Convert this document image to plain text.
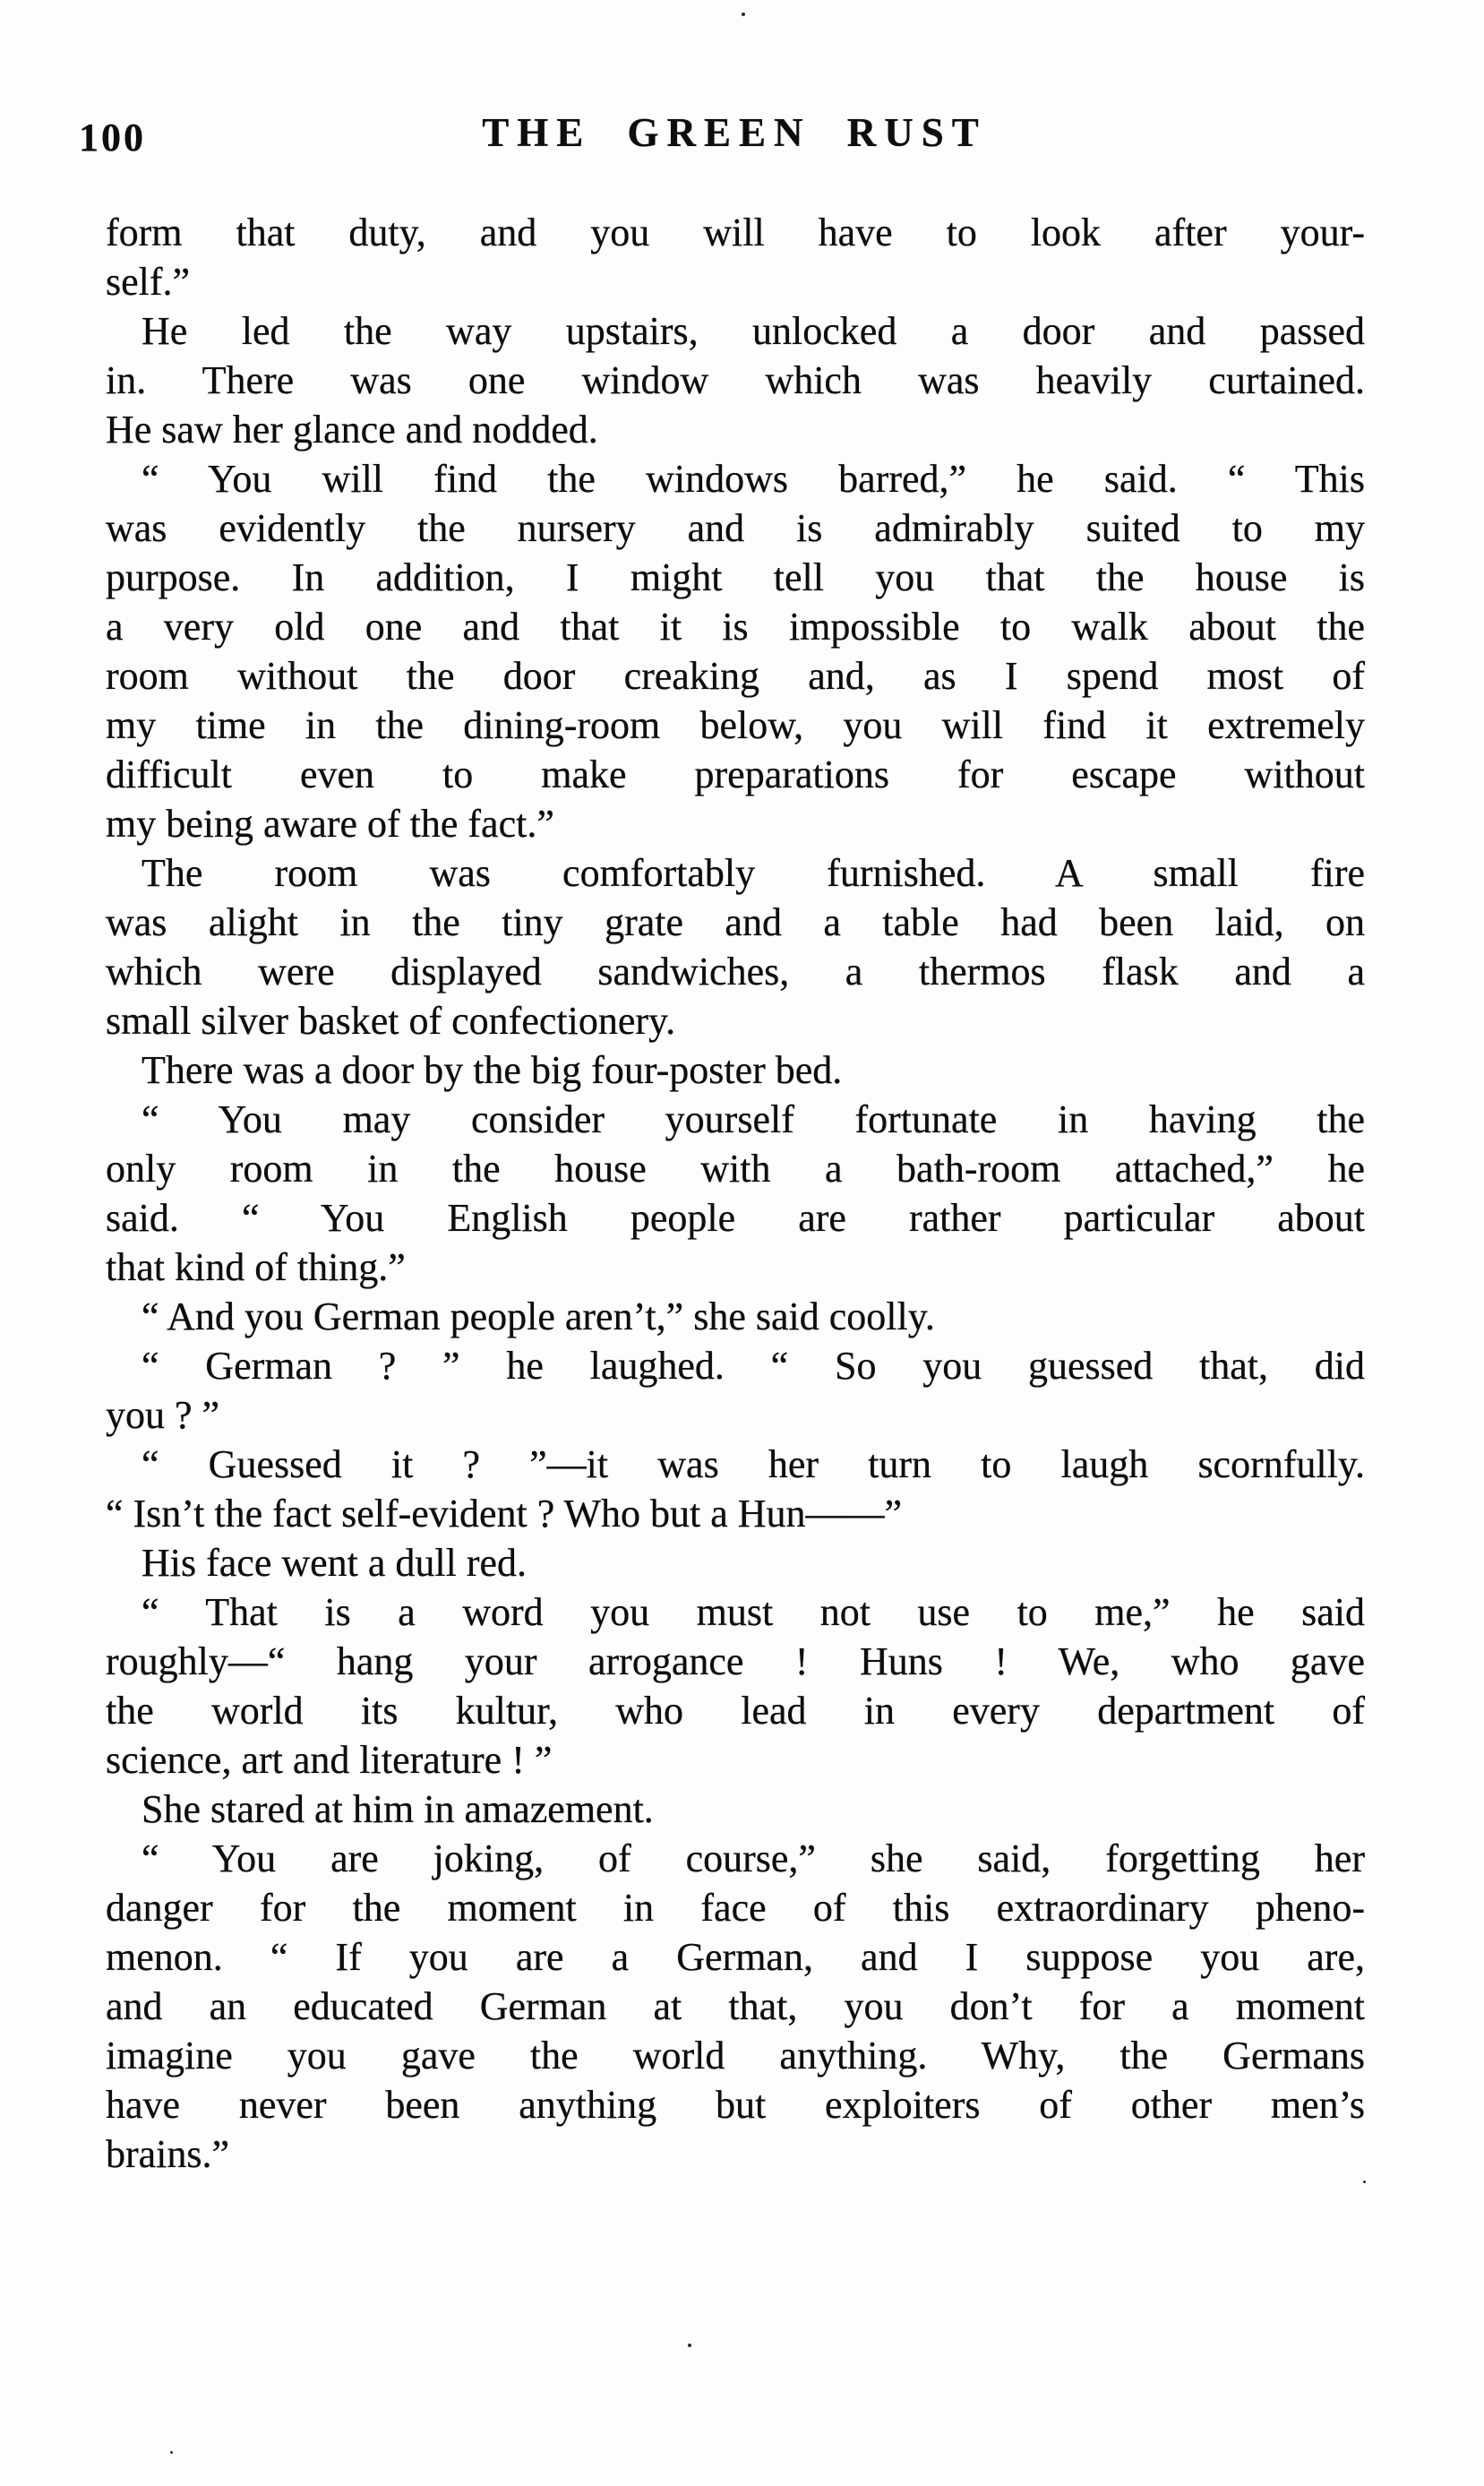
100	THE GREEN RUST
form that duty, and you will have to look after your-
self.”
He led the way upstairs, unlocked a door and passed
in. There was one window which was heavily curtained.
He saw her glance and nodded.
“ You will find the windows barred,” he said. “ This
was evidently the nursery and is admirably suited to my
purpose. In addition, I might tell you that the house is
a very old one and that it is impossible to walk about the
room without the door creaking and, as I spend most of
my time in the dining-room below, you will find it extremely
difficult even to make preparations for escape without
my being aware of the fact.”
The room was comfortably furnished. A small fire
was alight in the tiny grate and a table had been laid, on
which were displayed sandwiches, a thermos flask and a
small silver basket of confectionery.
There was a door by the big four-poster bed.
“ You may consider yourself fortunate in having the
only room in the house with a bath-room attached,” he
said. “ You English people are rather particular about
that kind of thing.”
“ And you German people aren’t,” she said coolly.
“ German ? ” he laughed. “ So you guessed that, did
you ? ”
“ Guessed it ? ”—it was her turn to laugh scornfully.
“ Isn’t the fact self-evident ? Who but a Hun——”
His face went a dull red.
“ That is a word you must not use to me,” he said
roughly—“ hang your arrogance ! Huns ! We, who gave
the world its kultur, who lead in every department of
science, art and literature ! ”
She stared at him in amazement.
“ You are joking, of course,” she said, forgetting her
danger for the moment in face of this extraordinary pheno-
menon. “ If you are a German, and I suppose you are,
and an educated German at that, you don’t for a moment
imagine you gave the world anything. Why, the Germans
have never been anything but exploiters of other men’s
brains.”
